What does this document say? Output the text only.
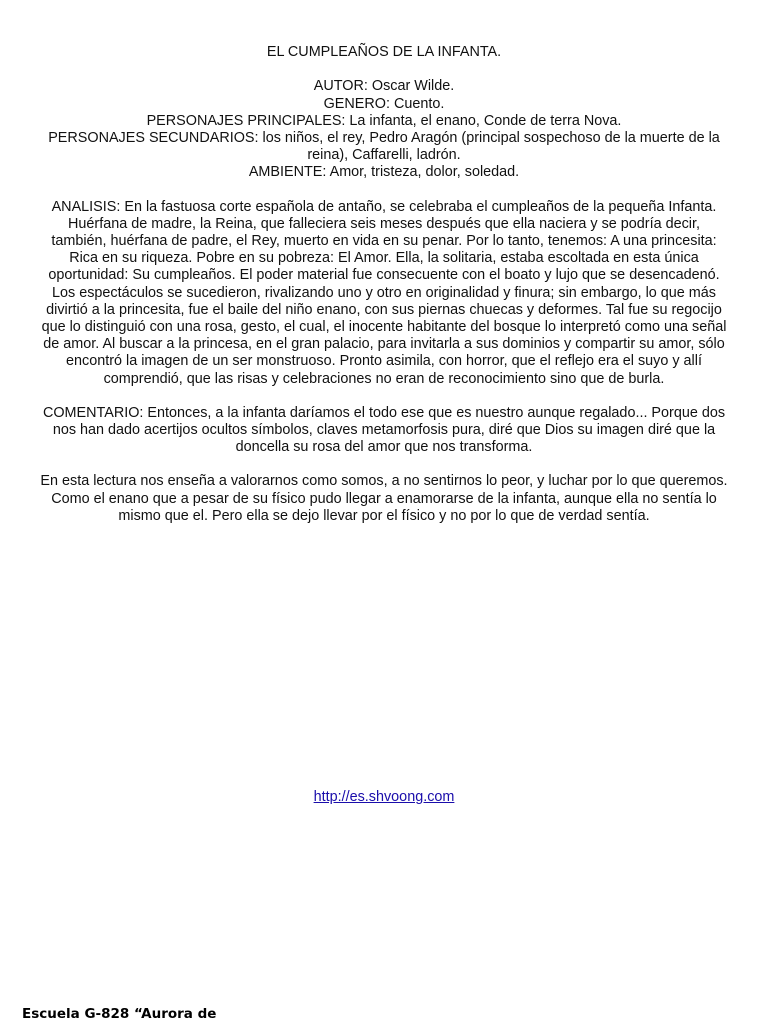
EL CUMPLEAÑOS DE LA INFANTA.

AUTOR: Oscar Wilde.

GENERO: Cuento.

PERSONAJES PRINCIPALES: La infanta, el enano, Conde de terra Nova.

PERSONAJES SECUNDARIOS: los niños, el rey, Pedro Aragón (principal sospechoso de la muerte de la reina), Caffarelli, ladrón.

AMBIENTE: Amor, tristeza, dolor, soledad.

ANALISIS: En la fastuosa corte española de antaño, se celebraba el cumpleaños de la pequeña Infanta. Huérfana de madre, la Reina, que falleciera seis meses después que ella naciera y se podría decir, también, huérfana de padre, el Rey, muerto en vida en su penar. Por lo tanto, tenemos: A una princesita: Rica en su riqueza. Pobre en su pobreza: El Amor. Ella, la solitaria, estaba escoltada en esta única oportunidad: Su cumpleaños. El poder material fue consecuente con el boato y lujo que se desencadenó. Los espectáculos se sucedieron, rivalizando uno y otro en originalidad y finura; sin embargo, lo que más divirtió a la princesita, fue el baile del niño enano, con sus piernas chuecas y deformes. Tal fue su regocijo que lo distinguió con una rosa, gesto, el cual, el inocente habitante del bosque lo interpretó como una señal de amor. Al buscar a la princesa, en el gran palacio, para invitarla a sus dominios y compartir su amor, sólo encontró la imagen de un ser monstruoso. Pronto asimila, con horror, que el reflejo era el suyo y allí comprendió, que las risas y celebraciones no eran de reconocimiento sino que de burla.

COMENTARIO: Entonces, a la infanta daríamos el todo ese que es nuestro aunque regalado... Porque dos nos han dado acertijos ocultos símbolos, claves metamorfosis pura, diré que Dios su imagen diré que la doncella su rosa del amor que nos transforma.

En esta lectura nos enseña a valorarnos como somos, a no sentirnos lo peor, y luchar por lo que queremos. Como el enano que a pesar de su físico pudo llegar a enamorarse de la infanta, aunque ella no sentía lo mismo que el. Pero ella se dejo llevar por el físico y no por lo que de verdad sentía.

http://es.shvoong.com
Escuela G-828 “Aurora de
